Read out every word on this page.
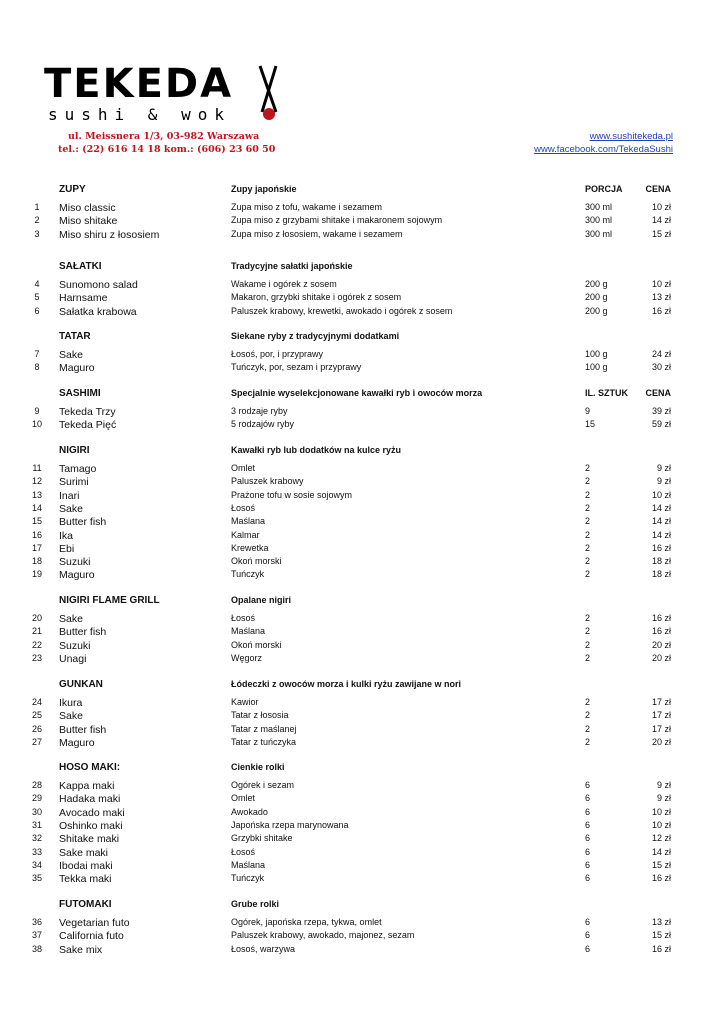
TEKEDA
sushi & wok
ul. Meissnera 1/3, 03-982 Warszawa
tel.: (22) 616 14 18 kom.: (606) 23 60 50
www.sushitekeda.pl
www.facebook.com/TekedaSushi
ZUPY	Zupy japońskie	PORCJA	CENA
1	Miso classic	Zupa miso z tofu, wakame i sezamem	300 ml	10 zł
2	Miso shitake	Zupa miso z grzybami shitake i makaronem sojowym	300 ml	14 zł
3	Miso shiru z łososiem	Zupa miso z łososiem, wakame i sezamem	300 ml	15 zł
SAŁATKI	Tradycyjne sałatki japońskie
4	Sunomono salad	Wakame i ogórek z sosem	200 g	10 zł
5	Harnsame	Makaron, grzybki shitake i ogórek z sosem	200 g	13 zł
6	Sałatka krabowa	Paluszek krabowy, krewetki, awokado i ogórek z sosem	200 g	16 zł
TATAR	Siekane ryby z tradycyjnymi dodatkami
7	Sake	Łosoś, por, i przyprawy	100 g	24 zł
8	Maguro	Tuńczyk, por, sezam i przyprawy	100 g	30 zł
SASHIMI	Specjalnie wyselekcjonowane kawałki ryb i owoców morza	IL. SZTUK CENA
9	Tekeda Trzy	3 rodzaje ryby	9	39 zł
10 Tekeda Pięć	5 rodzajów ryby	15	59 zł
NIGIRI	Kawałki ryb lub dodatków na kulce ryżu
11 Tamago	Omlet	2	9 zł
12 Surimi	Paluszek krabowy	2	9 zł
13 Inari	Prażone tofu w sosie sojowym	2	10 zł
14 Sake	Łosoś	2	14 zł
15 Butter fish	Maślana	2	14 zł
16 Ika	Kalmar	2	14 zł
17 Ebi	Krewetka	2	16 zł
18 Suzuki	Okoń morski	2	18 zł
19 Maguro	Tuńczyk	2	18 zł
NIGIRI FLAME GRILL	Opalane nigiri
20 Sake	Łosoś	2	16 zł
21 Butter fish	Maślana	2	16 zł
22 Suzuki	Okoń morski	2	20 zł
23 Unagi	Węgorz	2	20 zł
GUNKAN	Łódeczki z owoców morza i kulki ryżu zawijane w nori
24 Ikura	Kawior	2	17 zł
25 Sake	Tatar z łososia	2	17 zł
26 Butter fish	Tatar z maślanej	2	17 zł
27 Maguro	Tatar z tuńczyka	2	20 zł
HOSO MAKI:	Cienkie rolki
28 Kappa maki	Ogórek i sezam	6	9 zł
29 Hadaka maki	Omlet	6	9 zł
30 Avocado maki	Awokado	6	10 zł
31 Oshinko maki	Japońska rzepa marynowana	6	10 zł
32 Shitake maki	Grzybki shitake	6	12 zł
33 Sake maki	Łosoś	6	14 zł
34 Ibodai maki	Maślana	6	15 zł
35 Tekka maki	Tuńczyk	6	16 zł
FUTOMAKI	Grube rolki
36 Vegetarian futo	Ogórek, japońska rzepa, tykwa, omlet	6	13 zł
37 California futo	Paluszek krabowy, awokado, majonez, sezam	6	15 zł
38 Sake mix	Łosoś, warzywa	6	16 zł
